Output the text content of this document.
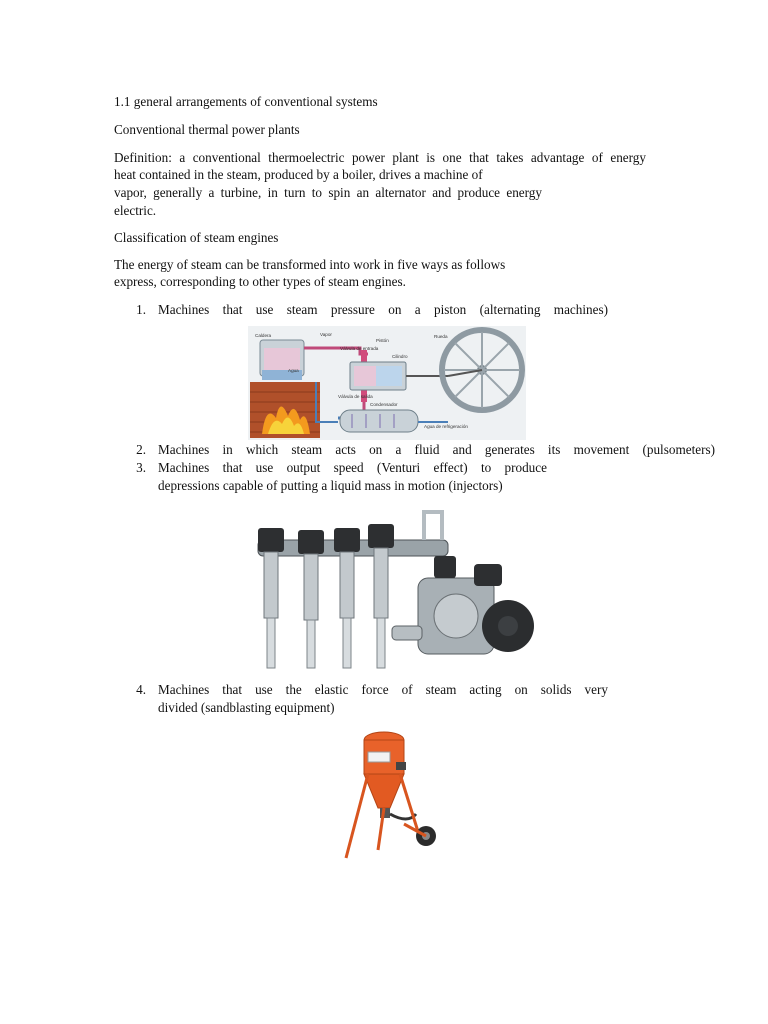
1.1 general arrangements of conventional systems
Conventional thermal power plants
Definition: a conventional thermoelectric power plant is one that takes advantage of energy
heat contained in the steam, produced by a boiler, drives a machine of
vapor, generally a turbine, in turn to spin an alternator and produce energy
electric.
Classification of steam engines
The energy of steam can be transformed into work in five ways as follows
express, corresponding to other types of steam engines.
1. Machines that use steam pressure on a piston (alternating machines)
Caldera	Vapor
Pistón
Rueda
Válvula de entrada
Cilindro
Agua
Válvula de salida
Condensador
Agua de refrigeración
2. Machines in which steam acts on a fluid and generates its movement (pulsometers)
3. Machines that use output speed (Venturi effect) to produce
depressions capable of putting a liquid mass in motion (injectors)
4. Machines that use the elastic force of steam acting on solids very
divided (sandblasting equipment)
